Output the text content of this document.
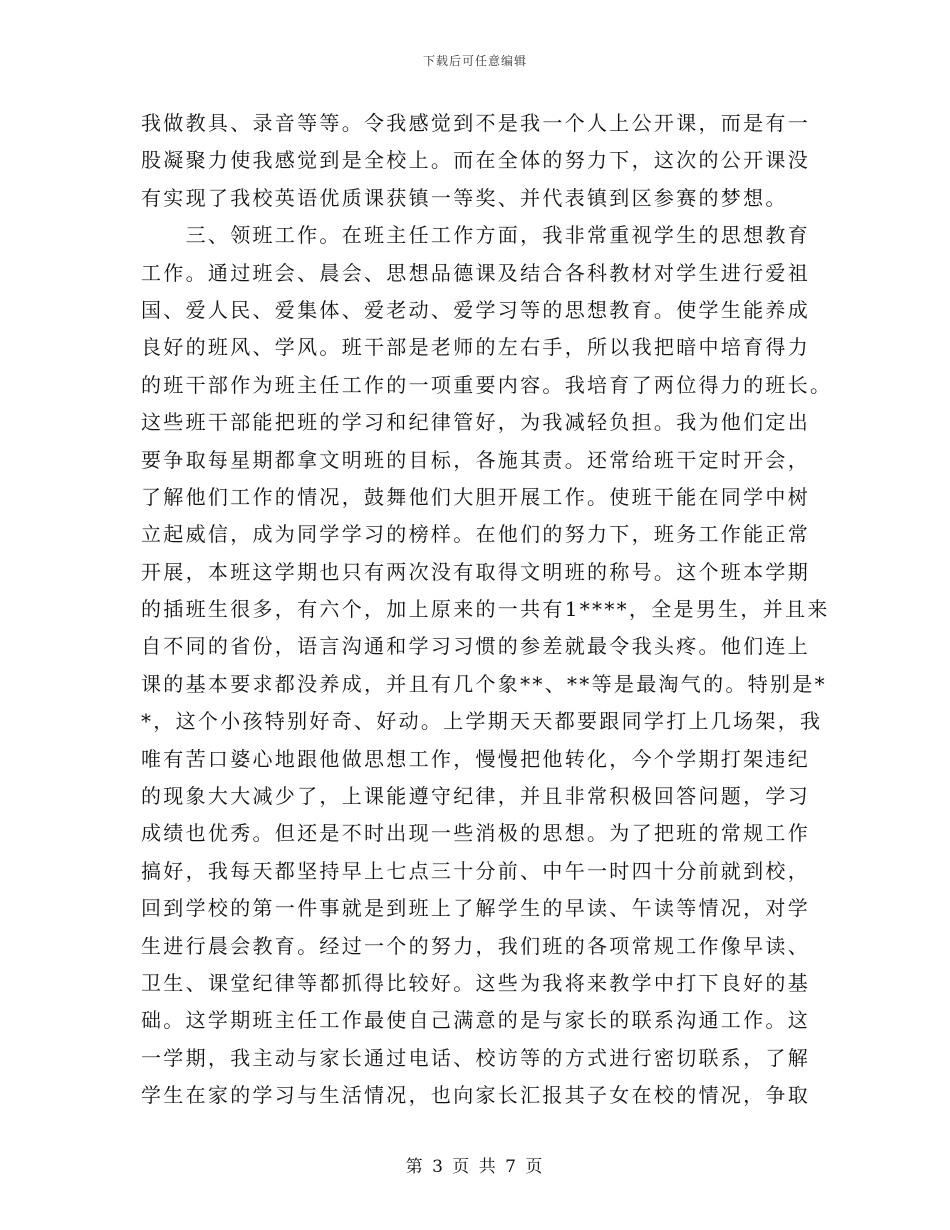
下载后可任意编辑
我做教具、录音等等。令我感觉到不是我一个人上公开课，而是有一
股凝聚力使我感觉到是全校上。而在全体的努力下，这次的公开课没
有实现了我校英语优质课获镇一等奖、并代表镇到区参赛的梦想。
　　三、领班工作。在班主任工作方面，我非常重视学生的思想教育
工作。通过班会、晨会、思想品德课及结合各科教材对学生进行爱祖
国、爱人民、爱集体、爱老动、爱学习等的思想教育。使学生能养成
良好的班风、学风。班干部是老师的左右手，所以我把暗中培育得力
的班干部作为班主任工作的一项重要内容。我培育了两位得力的班长。
这些班干部能把班的学习和纪律管好，为我减轻负担。我为他们定出
要争取每星期都拿文明班的目标，各施其责。还常给班干定时开会，
了解他们工作的情况，鼓舞他们大胆开展工作。使班干能在同学中树
立起威信，成为同学学习的榜样。在他们的努力下，班务工作能正常
开展，本班这学期也只有两次没有取得文明班的称号。这个班本学期
的插班生很多，有六个，加上原来的一共有1****，全是男生，并且来
自不同的省份，语言沟通和学习习惯的参差就最令我头疼。他们连上
课的基本要求都没养成，并且有几个象**、**等是最淘气的。特别是*
*，这个小孩特别好奇、好动。上学期天天都要跟同学打上几场架，我
唯有苦口婆心地跟他做思想工作，慢慢把他转化，今个学期打架违纪
的现象大大减少了，上课能遵守纪律，并且非常积极回答问题，学习
成绩也优秀。但还是不时出现一些消极的思想。为了把班的常规工作
搞好，我每天都坚持早上七点三十分前、中午一时四十分前就到校，
回到学校的第一件事就是到班上了解学生的早读、午读等情况，对学
生进行晨会教育。经过一个的努力，我们班的各项常规工作像早读、
卫生、课堂纪律等都抓得比较好。这些为我将来教学中打下良好的基
础。这学期班主任工作最使自己满意的是与家长的联系沟通工作。这
一学期，我主动与家长通过电话、校访等的方式进行密切联系，了解
学生在家的学习与生活情况，也向家长汇报其子女在校的情况，争取
第 3 页 共 7 页
